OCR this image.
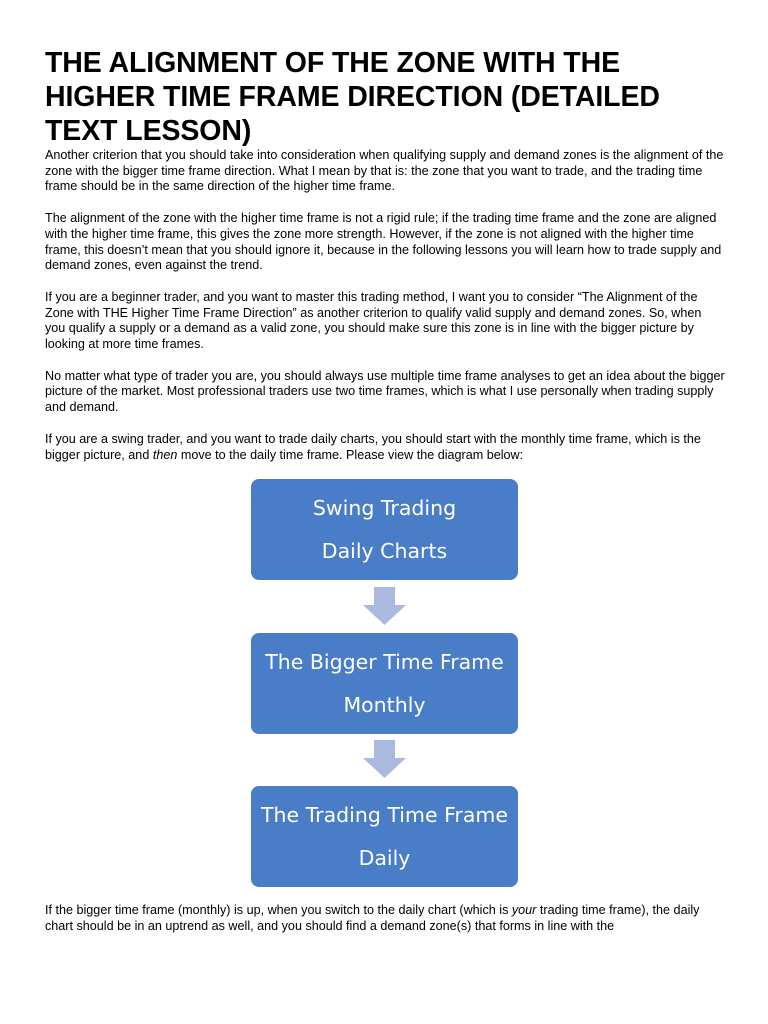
THE ALIGNMENT OF THE ZONE WITH THE HIGHER TIME FRAME DIRECTION (DETAILED TEXT LESSON)

Another criterion that you should take into consideration when qualifying supply and demand zones is the alignment of the zone with the bigger time frame direction. What I mean by that is: the zone that you want to trade, and the trading time frame should be in the same direction of the higher time frame.

The alignment of the zone with the higher time frame is not a rigid rule; if the trading time frame and the zone are aligned with the higher time frame, this gives the zone more strength. However, if the zone is not aligned with the higher time frame, this doesn’t mean that you should ignore it, because in the following lessons you will learn how to trade supply and demand zones, even against the trend.

If you are a beginner trader, and you want to master this trading method, I want you to consider “The Alignment of the Zone with THE Higher Time Frame Direction” as another criterion to qualify valid supply and demand zones. So, when you qualify a supply or a demand as a valid zone, you should make sure this zone is in line with the bigger picture by looking at more time frames.

No matter what type of trader you are, you should always use multiple time frame analyses to get an idea about the bigger picture of the market. Most professional traders use two time frames, which is what I use personally when trading supply and demand.

If you are a swing trader, and you want to trade daily charts, you should start with the monthly time frame, which is the bigger picture, and then move to the daily time frame. Please view the diagram below:

Swing Trading
Daily Charts
The Bigger Time Frame
Monthly
The Trading Time Frame
Daily

If the bigger time frame (monthly) is up, when you switch to the daily chart (which is your trading time frame), the daily chart should be in an uptrend as well, and you should find a demand zone(s) that forms in line with the
